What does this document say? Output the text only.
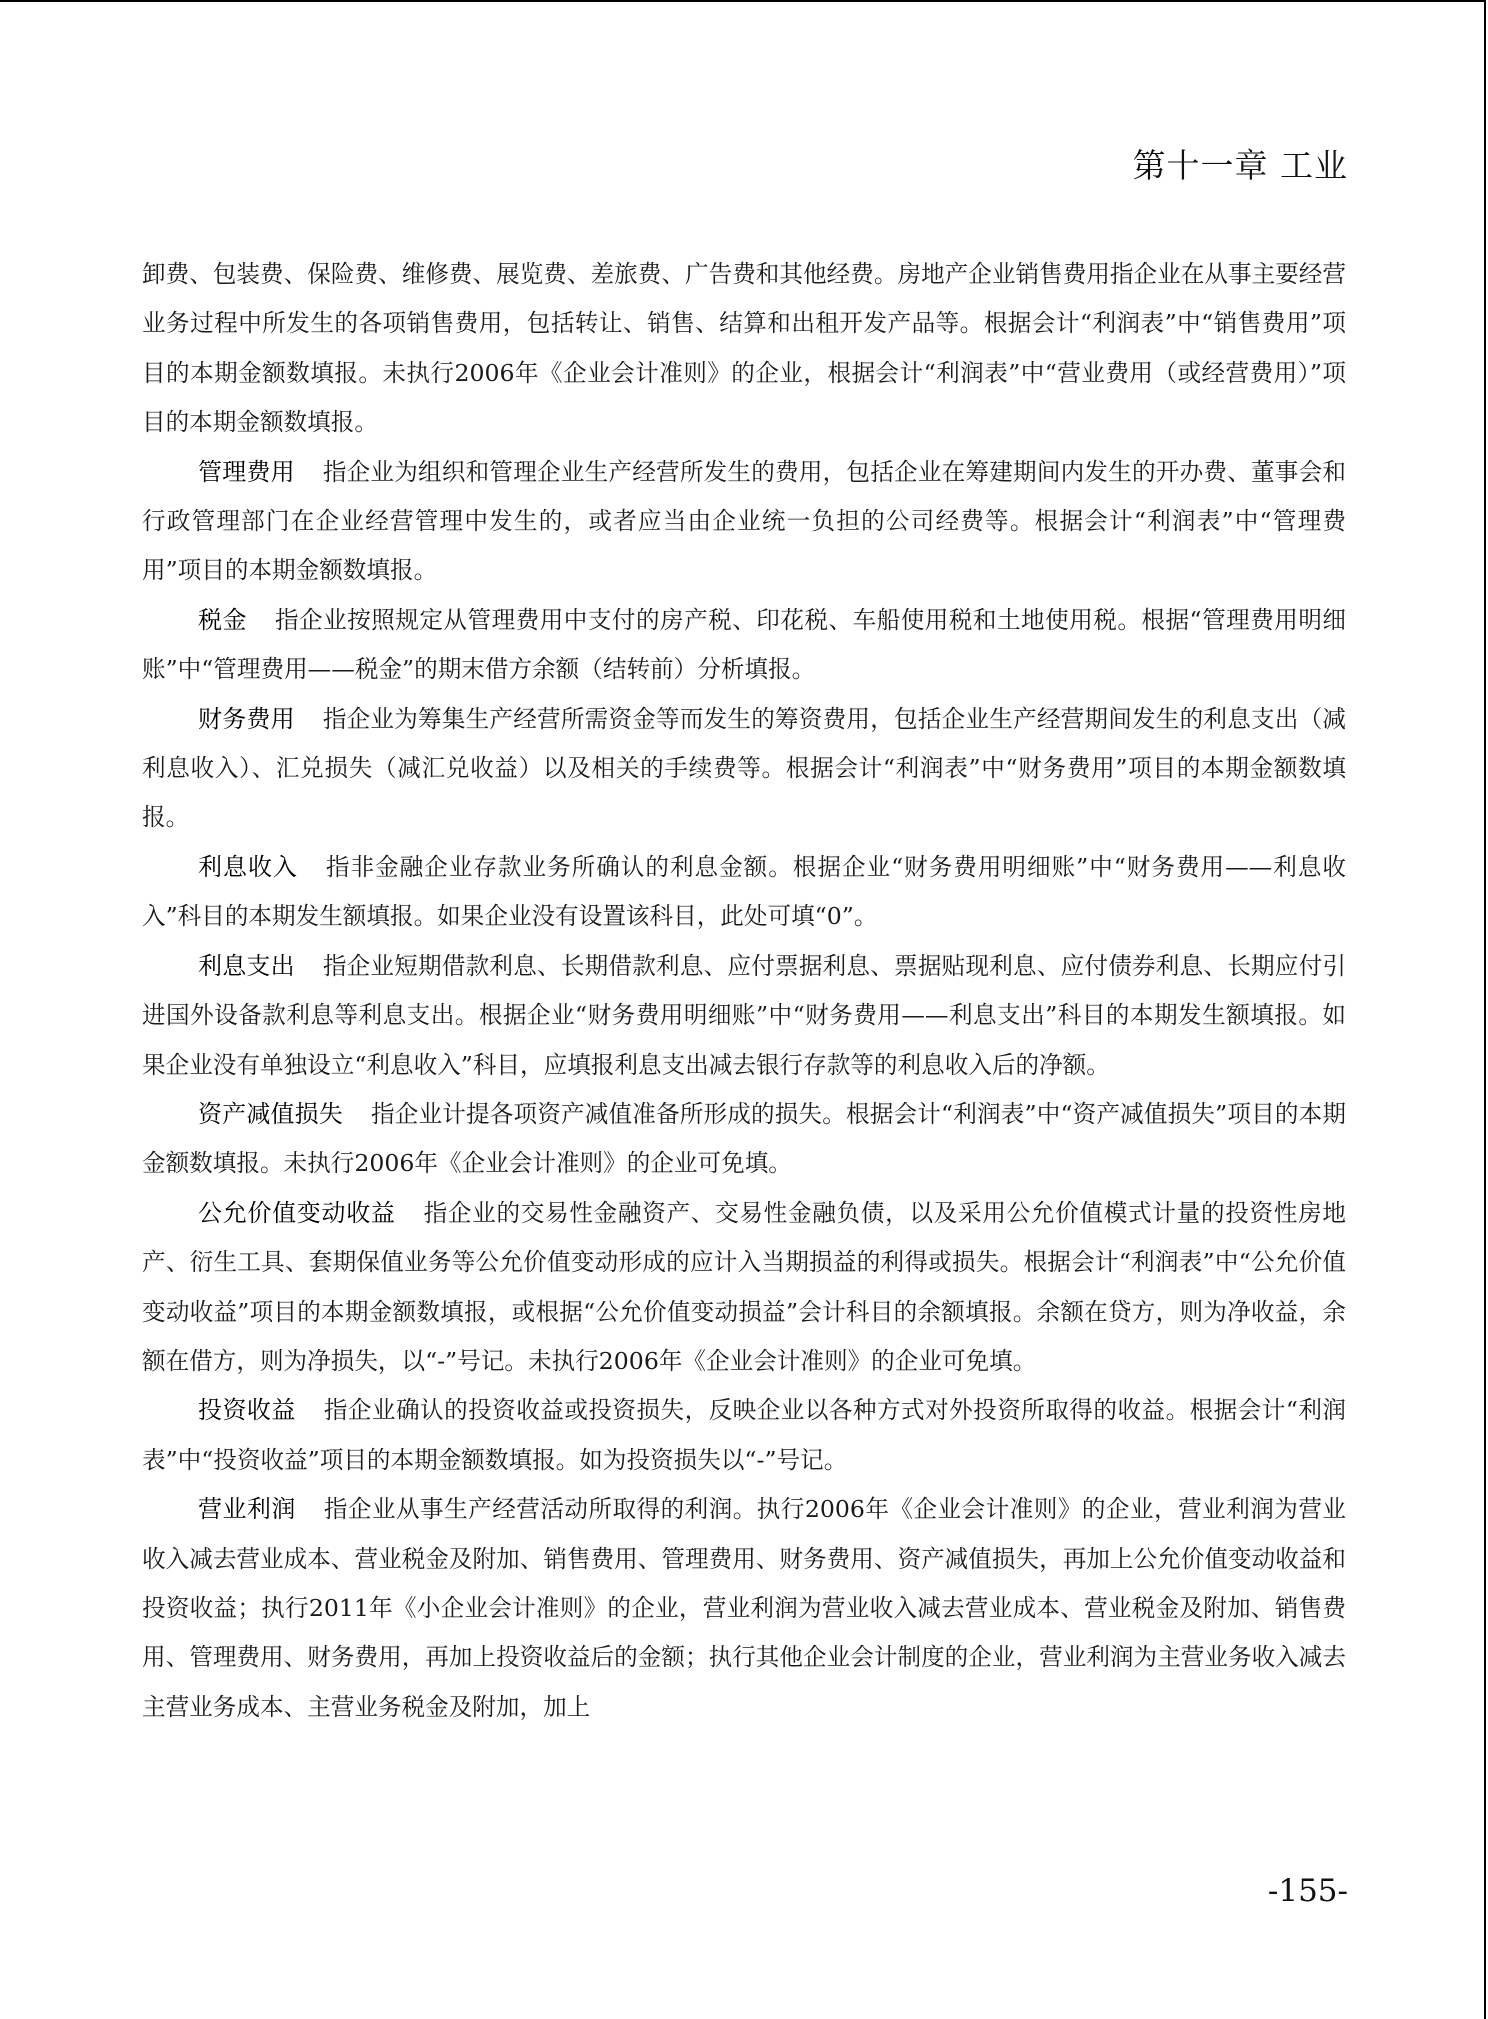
第十一章 工业

卸费、包装费、保险费、维修费、展览费、差旅费、广告费和其他经费。房地产企业销售费用指企业在从事主要经营业务过程中所发生的各项销售费用，包括转让、销售、结算和出租开发产品等。根据会计“利润表”中“销售费用”项目的本期金额数填报。未执行2006年《企业会计准则》的企业，根据会计“利润表”中“营业费用（或经营费用）”项目的本期金额数填报。

管理费用 指企业为组织和管理企业生产经营所发生的费用，包括企业在筹建期间内发生的开办费、董事会和行政管理部门在企业经营管理中发生的，或者应当由企业统一负担的公司经费等。根据会计“利润表”中“管理费用”项目的本期金额数填报。

税金 指企业按照规定从管理费用中支付的房产税、印花税、车船使用税和土地使用税。根据“管理费用明细账”中“管理费用——税金”的期末借方余额（结转前）分析填报。

财务费用 指企业为筹集生产经营所需资金等而发生的筹资费用，包括企业生产经营期间发生的利息支出（减利息收入）、汇兑损失（减汇兑收益）以及相关的手续费等。根据会计“利润表”中“财务费用”项目的本期金额数填报。

利息收入 指非金融企业存款业务所确认的利息金额。根据企业“财务费用明细账”中“财务费用——利息收入”科目的本期发生额填报。如果企业没有设置该科目，此处可填“0”。

利息支出 指企业短期借款利息、长期借款利息、应付票据利息、票据贴现利息、应付债券利息、长期应付引进国外设备款利息等利息支出。根据企业“财务费用明细账”中“财务费用——利息支出”科目的本期发生额填报。如果企业没有单独设立“利息收入”科目，应填报利息支出减去银行存款等的利息收入后的净额。

资产减值损失 指企业计提各项资产减值准备所形成的损失。根据会计“利润表”中“资产减值损失”项目的本期金额数填报。未执行2006年《企业会计准则》的企业可免填。

公允价值变动收益 指企业的交易性金融资产、交易性金融负债，以及采用公允价值模式计量的投资性房地产、衍生工具、套期保值业务等公允价值变动形成的应计入当期损益的利得或损失。根据会计“利润表”中“公允价值变动收益”项目的本期金额数填报，或根据“公允价值变动损益”会计科目的余额填报。余额在贷方，则为净收益，余额在借方，则为净损失，以“-”号记。未执行2006年《企业会计准则》的企业可免填。

投资收益 指企业确认的投资收益或投资损失，反映企业以各种方式对外投资所取得的收益。根据会计“利润表”中“投资收益”项目的本期金额数填报。如为投资损失以“-”号记。

营业利润 指企业从事生产经营活动所取得的利润。执行2006年《企业会计准则》的企业，营业利润为营业收入减去营业成本、营业税金及附加、销售费用、管理费用、财务费用、资产减值损失，再加上公允价值变动收益和投资收益；执行2011年《小企业会计准则》的企业，营业利润为营业收入减去营业成本、营业税金及附加、销售费用、管理费用、财务费用，再加上投资收益后的金额；执行其他企业会计制度的企业，营业利润为主营业务收入减去主营业务成本、主营业务税金及附加，加上

-155-
